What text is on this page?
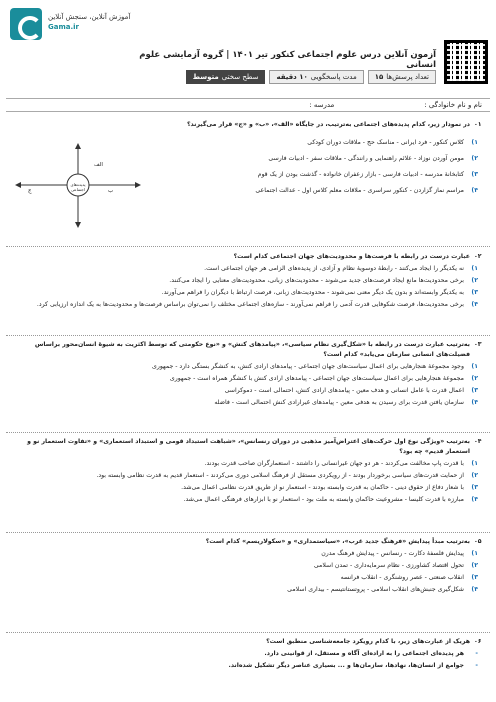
آموزش آنلاین، سنجش آنلاین
Gama.ir
آزمون آنلاین درس علوم اجتماعی کنکور تیر ۱۴۰۱ | گروه آزمایشی علوم انسانی
تعداد پرسش‌ها
۱۵
مدت پاسخگویی
۱۰ دقیقه
سطح سختی
متوسط
نام و نام خانوادگی :
مدرسه :
۰۱
در نمودار زیر، کدام پدیده‌های اجتماعی به‌ترتیب، در جایگاه «الف»، «ب» و «ج» قرار می‌گیرند؟
۱)
کلاس کنکور - فرد ایرانی - مناسک حج - ملاقات دوران کودکی
۲)
مومن آوردن نوزاد - علائم راهنمایی و رانندگی - ملاقات سفر - ادبیات فارسی
۳)
کتابخانهٔ مدرسه - ادبیات فارسی - بازار زعفران خانواده - گذشت بودن از یک قوم
۴)
مراسم نماز گزاردن - کنکور سراسری - ملاقات معلم کلاس اول - عدالت اجتماعی
الف
ب
ج
پدیده‌های اجتماعی
۰۲
عبارت درست در رابطه با فرصت‌ها و محدودیت‌های جهان اجتماعی کدام است؟
۱)
نه یکدیگر را ایجاد می‌کنند - رابطهٔ دوسویهٔ نظام و آزادی، از پدیده‌های الزامی هر جهان اجتماعی است.
۲)
برخی محدودیت‌ها مانع ایجاد فرصت‌های جدید می‌شوند - محدودیت‌های زبانی، محدودیت‌های معنایی را ایجاد می‌کنند.
۳)
به یکدیگر وابسته‌اند و بدون یک دیگر معنی نمی‌شوند - محدودیت‌های زبانی، فرصت ارتباط با دیگران را فراهم می‌آورند.
۴)
برخی محدودیت‌ها، فرصت شکوفایی قدرت آدمی را فراهم نمی‌آورند - سازه‌های اجتماعی مختلف را نمی‌توان براساس فرصت‌ها و محدودیت‌ها به یک اندازه ارزیابی کرد.
۰۳
به‌ترتیب عبارت درست در رابطه با «شکل‌گیری نظام سیاسی»، «پیامدهای کنش» و «نوع حکومتی که توسط اکثریت به شیوهٔ انسان‌محور براساس فضیلت‌های انسانی سازمان می‌یابد» کدام است؟
۱)
وجود مجموعهٔ هنجارهایی برای اعمال سیاست‌های جهان اجتماعی - پیامدهای ارادی کنش، به کنشگر بستگی دارد - جمهوری
۲)
مجموعهٔ هنجارهایی برای اعمال سیاست‌های جهان اجتماعی - پیامدهای ارادی کنش با کنشگر همراه است - جمهوری
۳)
اعمال قدرت با عامل انسانی و هدف معین - پیامدهای ارادی کنش، احتمالی است - دموکراسی
۴)
سازمان یافتن قدرت برای رسیدن به هدفی معین - پیامدهای غیرارادی کنش احتمالی است - فاضله
۰۴
به‌ترتیب «ویژگی نوع اول حرکت‌های اعتراض‌آمیز مذهبی در دوران رنسانس»، «شباهت استبداد قومی و استبداد استعماری» و «تفاوت استعمار نو و استعمار قدیم» چه بود؟
۱)
با قدرت پاپ مخالفت می‌کردند - هر دو جهان غیرانسانی را داشتند - استعمارگران صاحب قدرت بودند.
۲)
از حمایت قدرت‌های سیاسی برخوردار بودند - از رویکردی مستقل از فرهنگ اسلامی دوری می‌کردند - استعمار قدیم به قدرت نظامی وابسته بود.
۳)
با شعار دفاع از حقوق دینی - حاکمان به قدرت وابسته بودند - استعمار نو از طریق قدرت نظامی اعمال می‌شد.
۴)
مبارزه با قدرت کلیسا - مشروعیت حاکمان وابسته به ملت بود - استعمار نو با ابزارهای فرهنگی اعمال می‌شد.
۰۵
به‌ترتیب مبدأ پیدایش «فرهنگ جدید غرب»، «سیاستمداری» و «سکولاریسم» کدام است؟
۱)
پیدایش فلسفهٔ دکارت - رنسانس - پیدایش فرهنگ مدرن
۲)
تحول اقتصاد کشاورزی - نظام سرمایه‌داری - تمدن اسلامی
۳)
انقلاب صنعتی - عصر روشنگری - انقلاب فرانسه
۴)
شکل‌گیری جنبش‌های انقلاب اسلامی - پروتستانتیسم - بیداری اسلامی
۰۶
هریک از عبارت‌های زیر، با کدام رویکرد جامعه‌شناسی منطبق است؟
-
هر پدیده‌ای اجتماعی را به اراده‌ای آگاه و مستقل، از قوانینی دارد.
-
جوامع از انسان‌ها، نهادها، سازمان‌ها و ... بسیاری عناصر دیگر تشکیل شده‌اند.
